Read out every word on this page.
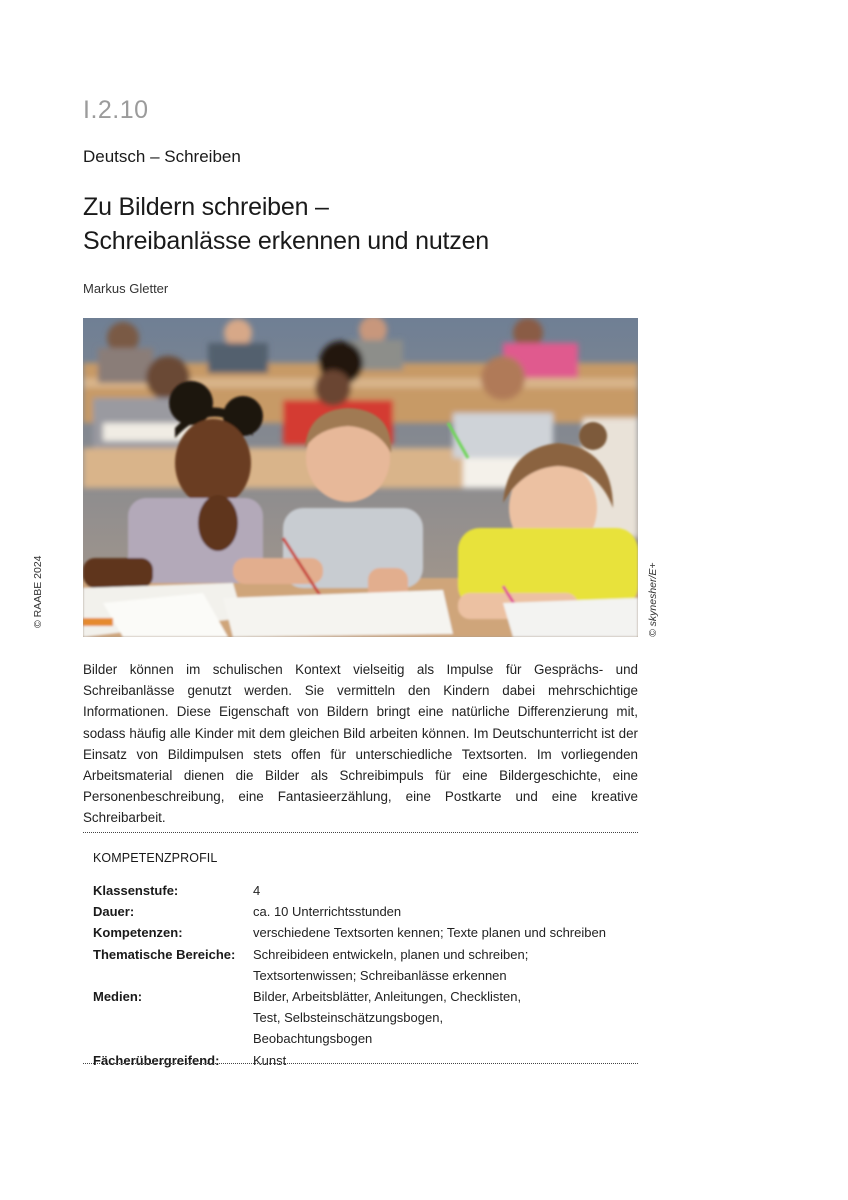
I.2.10
Deutsch – Schreiben
Zu Bildern schreiben –
Schreibanlässe erkennen und nutzen
Markus Gletter
© RAABE 2024	© skynesher/E+
Bilder können im schulischen Kontext vielseitig als Impulse für Gesprächs- und Schreibanlässe genutzt werden. Sie vermitteln den Kindern dabei mehrschichtige Informationen. Diese Eigenschaft von Bildern bringt eine natürliche Differenzierung mit, sodass häufig alle Kinder mit dem gleichen Bild arbeiten können. Im Deutschunterricht ist der Einsatz von Bildimpulsen stets offen für unterschiedliche Textsorten. Im vorliegenden Arbeitsmaterial dienen die Bilder als Schreibimpuls für eine Bildergeschichte, eine Personenbeschreibung, eine Fantasieerzählung, eine Postkarte und eine kreative Schreibarbeit.
KOMPETENZPROFIL
Klassenstufe:	4
Dauer:	ca. 10 Unterrichtsstunden
Kompetenzen:	verschiedene Textsorten kennen; Texte planen und schreiben
Thematische Bereiche:	Schreibideen entwickeln, planen und schreiben; Textsortenwissen; Schreibanlässe erkennen
Medien:	Bilder, Arbeitsblätter, Anleitungen, Checklisten, Test, Selbsteinschätzungsbogen, Beobachtungsbogen
Fächerübergreifend:	Kunst
